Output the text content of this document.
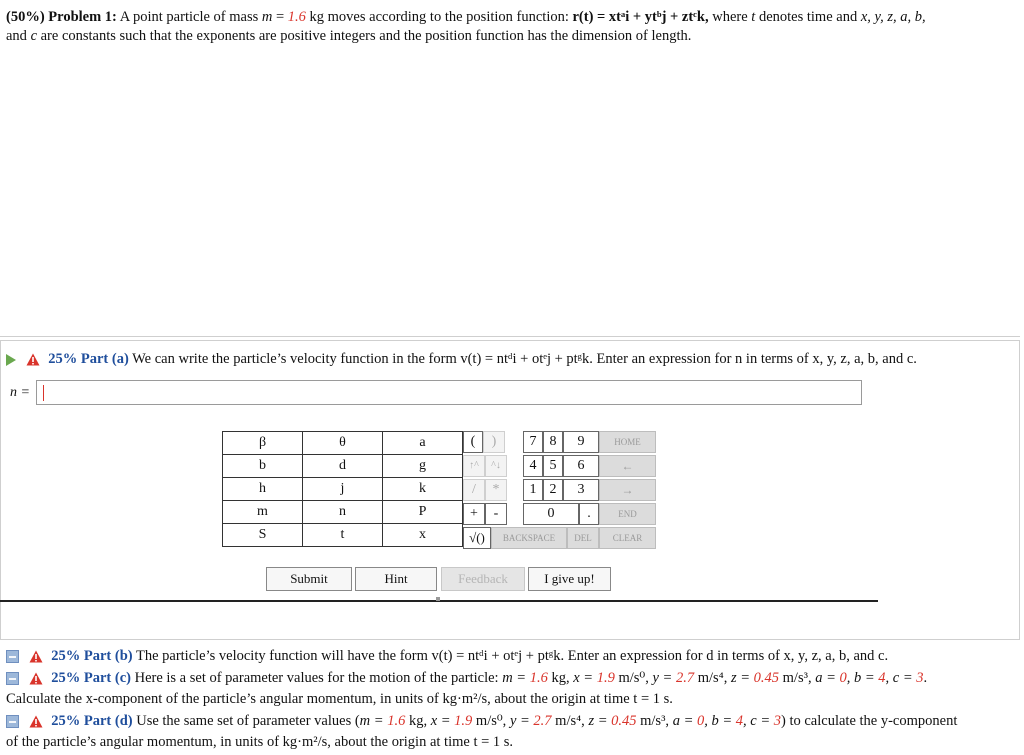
(50%) Problem 1: A point particle of mass m = 1.6 kg moves according to the position function: r(t) = xtᵃi + ytᵇj + ztᶜk, where t denotes time and x, y, z, a, b,
and c are constants such that the exponents are positive integers and the position function has the dimension of length.
25% Part (a) We can write the particle’s velocity function in the form v(t) = ntᵈi + otᵉj + ptᵍk. Enter an expression for n in terms of x, y, z, a, b, and c.
n =
β	θ	a
b	d	g
h	j	k
m	n	P
S	t	x
(	)	7 8	9	HOME
↑^	^↓	4 5	6	←
/	*	1 2	3	→
+	-	0	.	END
√()	BACKSPACE	DEL	CLEAR
Submit	Hint	Feedback	I give up!
25% Part (b) The particle’s velocity function will have the form v(t) = ntᵈi + otᵉj + ptᵍk. Enter an expression for d in terms of x, y, z, a, b, and c.
25% Part (c) Here is a set of parameter values for the motion of the particle: m = 1.6 kg, x = 1.9 m/s⁰, y = 2.7 m/s⁴, z = 0.45 m/s³, a = 0, b = 4, c = 3.
Calculate the x-component of the particle’s angular momentum, in units of kg·m²/s, about the origin at time t = 1 s.
25% Part (d) Use the same set of parameter values (m = 1.6 kg, x = 1.9 m/s⁰, y = 2.7 m/s⁴, z = 0.45 m/s³, a = 0, b = 4, c = 3) to calculate the y-component
of the particle’s angular momentum, in units of kg·m²/s, about the origin at time t = 1 s.
